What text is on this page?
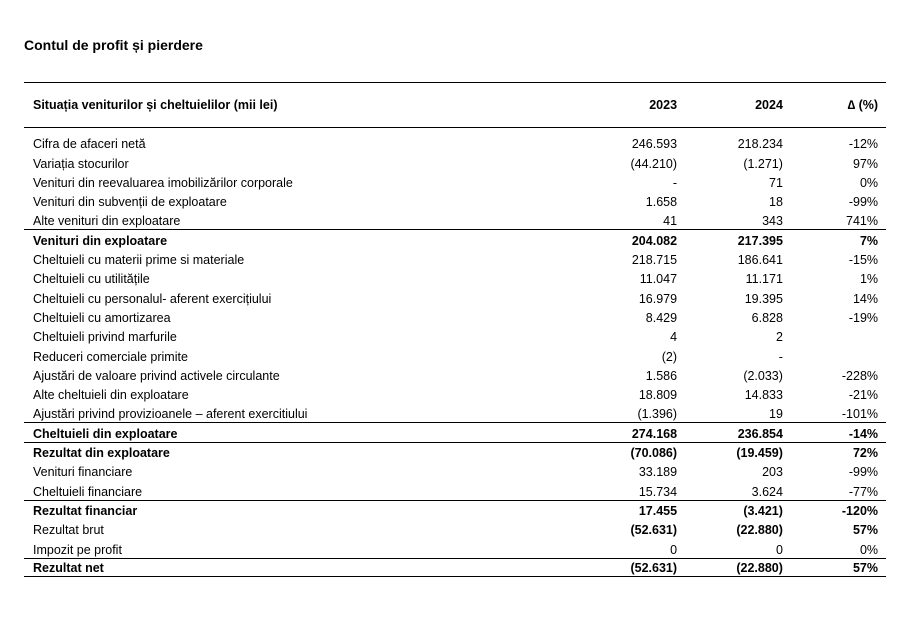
Contul de profit și pierdere
Situația veniturilor și cheltuielilor (mii lei)	2023	2024	∆ (%)
Cifra de afaceri netă	246.593	218.234	-12%
Variația stocurilor	(44.210)	(1.271)	97%
Venituri din reevaluarea imobilizărilor corporale	-	71	0%
Venituri din subvenții de exploatare	1.658	18	-99%
Alte venituri din exploatare	41	343	741%
Venituri din exploatare	204.082	217.395	7%
Cheltuieli cu materii prime si materiale	218.715	186.641	-15%
Cheltuieli cu utilitățile	11.047	11.171	1%
Cheltuieli cu personalul- aferent exercițiului	16.979	19.395	14%
Cheltuieli cu amortizarea	8.429	6.828	-19%
Cheltuieli privind marfurile	4	2
Reduceri comerciale primite	(2)	-
Ajustări de valoare privind activele circulante	1.586	(2.033)	-228%
Alte cheltuieli din exploatare	18.809	14.833	-21%
Ajustări privind provizioanele – aferent exercitiului	(1.396)	19	-101%
Cheltuieli din exploatare	274.168	236.854	-14%
Rezultat din exploatare	(70.086)	(19.459)	72%
Venituri financiare	33.189	203	-99%
Cheltuieli financiare	15.734	3.624	-77%
Rezultat financiar	17.455	(3.421)	-120%
Rezultat brut	(52.631)	(22.880)	57%
Impozit pe profit	0	0	0%
Rezultat net	(52.631)	(22.880)	57%
